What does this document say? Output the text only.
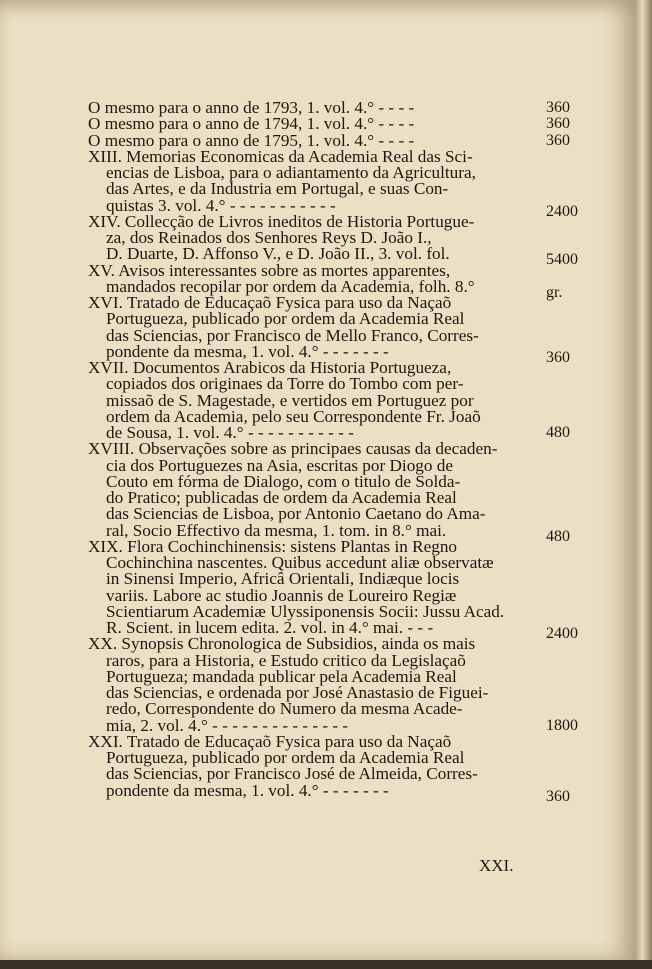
O mesmo para o anno de 1793, 1. vol. 4.° - - - -	360
O mesmo para o anno de 1794, 1. vol. 4.° - - - -	360
O mesmo para o anno de 1795, 1. vol. 4.° - - - -	360
XIII. Memorias Economicas da Academia Real das Sci-
encias de Lisboa, para o adiantamento da Agricultura,
das Artes, e da Industria em Portugal, e suas Con-
quistas 3. vol. 4.° - - - - - - - - - - -	2400
XIV. Collecção de Livros ineditos de Historia Portugue-
za, dos Reinados dos Senhores Reys D. João I.,
D. Duarte, D. Affonso V., e D. João II., 3. vol. fol.	5400
XV. Avisos interessantes sobre as mortes apparentes,
mandados recopilar por ordem da Academia, folh. 8.°	gr.
XVI. Tratado de Educaçaõ Fysica para uso da Naçaõ
Portugueza, publicado por ordem da Academia Real
das Sciencias, por Francisco de Mello Franco, Corres-
pondente da mesma, 1. vol. 4.° - - - - - - -	360
XVII. Documentos Arabicos da Historia Portugueza,
copiados dos originaes da Torre do Tombo com per-
missaõ de S. Magestade, e vertidos em Portuguez por
ordem da Academia, pelo seu Correspondente Fr. Joaõ
de Sousa, 1. vol. 4.° - - - - - - - - - - -	480
XVIII. Observações sobre as principaes causas da decaden-
cia dos Portuguezes na Asia, escritas por Diogo de
Couto em fórma de Dialogo, com o titulo de Solda-
do Pratico; publicadas de ordem da Academia Real
das Sciencias de Lisboa, por Antonio Caetano do Ama-
ral, Socio Effectivo da mesma, 1. tom. in 8.° mai.	480
XIX. Flora Cochinchinensis: sistens Plantas in Regno
Cochinchina nascentes. Quibus accedunt aliæ observatæ
in Sinensi Imperio, Africâ Orientali, Indiæque locis
variis. Labore ac studio Joannis de Loureiro Regiæ
Scientiarum Academiæ Ulyssiponensis Socii: Jussu Acad.
R. Scient. in lucem edita. 2. vol. in 4.° mai. - - -	2400
XX. Synopsis Chronologica de Subsidios, ainda os mais
raros, para a Historia, e Estudo critico da Legislaçaõ
Portugueza; mandada publicar pela Academia Real
das Sciencias, e ordenada por José Anastasio de Figuei-
redo, Correspondente do Numero da mesma Acade-
mia, 2. vol. 4.° - - - - - - - - - - - - - -	1800
XXI. Tratado de Educaçaõ Fysica para uso da Naçaõ
Portugueza, publicado por ordem da Academia Real
das Sciencias, por Francisco José de Almeida, Corres-
pondente da mesma, 1. vol. 4.° - - - - - - -	360
XXI.
